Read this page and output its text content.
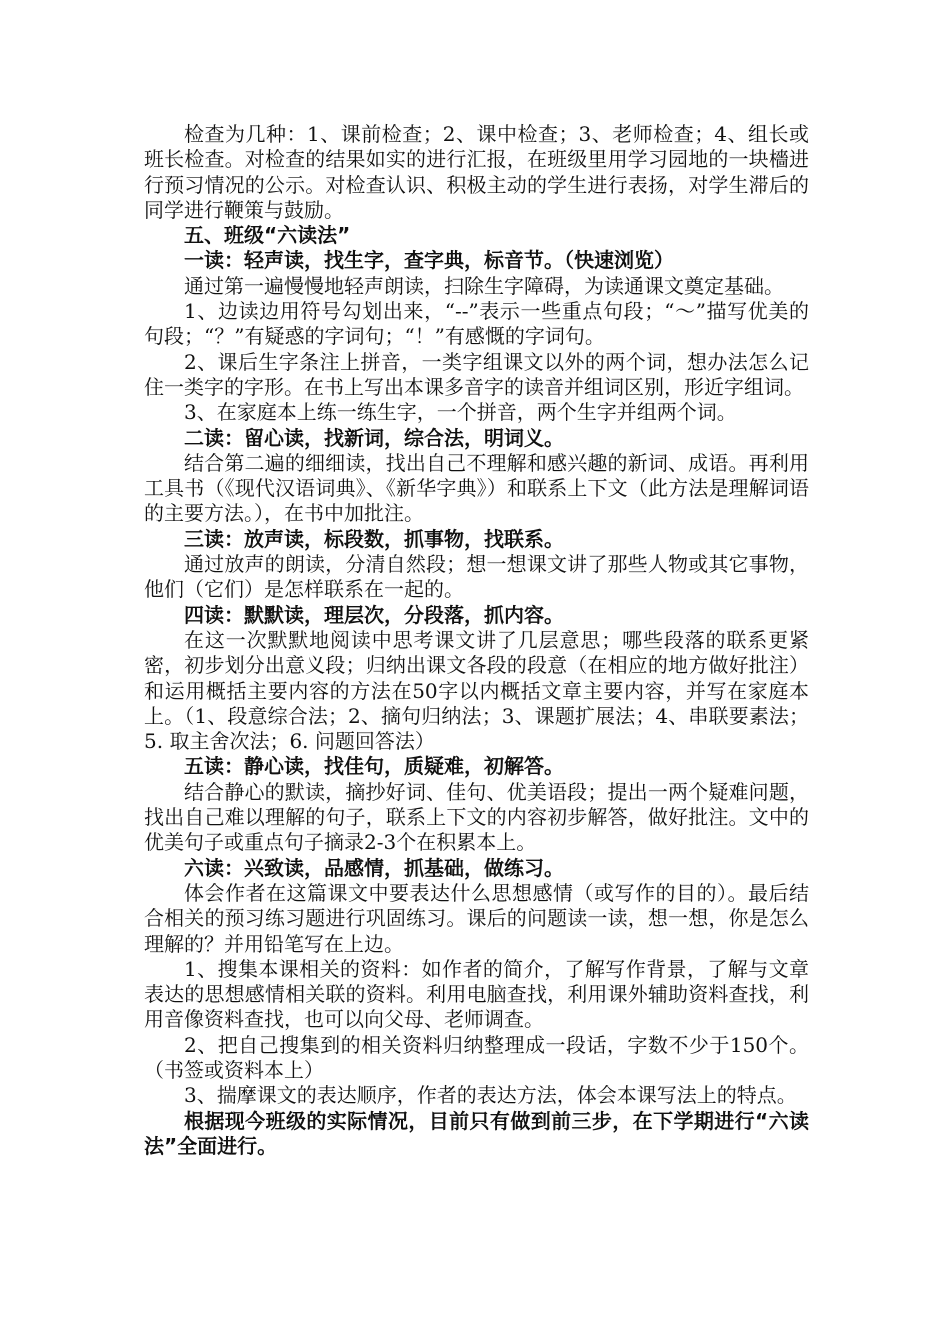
检查为几种：1、课前检查；2、课中检查；3、老师检查；4、组长或班长检查。对检查的结果如实的进行汇报，在班级里用学习园地的一块檣进行预习情况的公示。对检查认识、积极主动的学生进行表扬，对学生滞后的同学进行鞭策与鼓励。

五、班级“六读法”

一读：轻声读，找生字，查字典，标音节。（快速浏览）

通过第一遍慢慢地轻声朗读，扫除生字障碍，为读通课文奠定基础。

1、边读边用符号勾划出来，“--”表示一些重点句段；“～”描写优美的句段；“？”有疑惑的字词句；“！”有感慨的字词句。

2、课后生字条注上拼音，一类字组课文以外的两个词，想办法怎么记住一类字的字形。在书上写出本课多音字的读音并组词区别，形近字组词。

3、在家庭本上练一练生字，一个拼音，两个生字并组两个词。

二读：留心读，找新词，综合法，明词义。

结合第二遍的细细读，找出自己不理解和感兴趣的新词、成语。再利用工具书（《现代汉语词典》、《新华字典》）和联系上下文（此方法是理解词语的主要方法。），在书中加批注。

三读：放声读，标段数，抓事物，找联系。

通过放声的朗读，分清自然段；想一想课文讲了那些人物或其它事物，他们（它们）是怎样联系在一起的。

四读：默默读，理层次，分段落，抓内容。

在这一次默默地阅读中思考课文讲了几层意思；哪些段落的联系更紧密，初步划分出意义段；归纳出课文各段的段意（在相应的地方做好批注）和运用概括主要内容的方法在50字以内概括文章主要内容，并写在家庭本上。（1、段意综合法；2、摘句归纳法；3、课题扩展法；4、串联要素法；5. 取主舍次法；6. 问题回答法）

五读：静心读，找佳句，质疑难，初解答。

结合静心的默读，摘抄好词、佳句、优美语段；提出一两个疑难问题，找出自己难以理解的句子，联系上下文的内容初步解答，做好批注。文中的优美句子或重点句子摘录2-3个在积累本上。

六读：兴致读，品感情，抓基础，做练习。

体会作者在这篇课文中要表达什么思想感情（或写作的目的）。最后结合相关的预习练习题进行巩固练习。课后的问题读一读，想一想，你是怎么理解的？并用铅笔写在上边。

1、搜集本课相关的资料：如作者的简介，了解写作背景，了解与文章表达的思想感情相关联的资料。利用电脑查找，利用课外辅助资料查找，利用音像资料查找，也可以向父母、老师调查。

2、把自己搜集到的相关资料归纳整理成一段话，字数不少于150个。（书签或资料本上）

3、揣摩课文的表达顺序，作者的表达方法，体会本课写法上的特点。

根据现今班级的实际情况，目前只有做到前三步，在下学期进行“六读法”全面进行。
